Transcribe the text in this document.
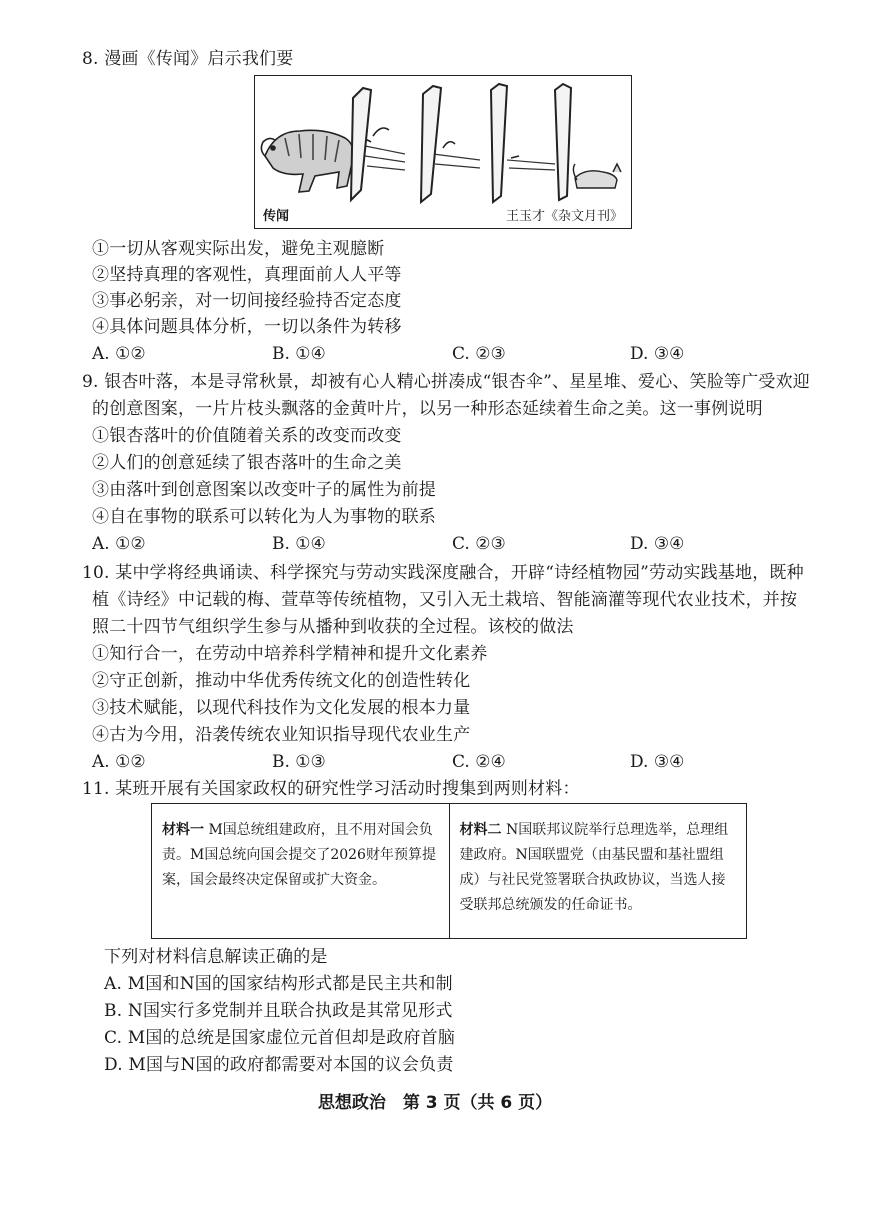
8. 漫画《传闻》启示我们要
传闻	王玉才《杂文月刊》
①一切从客观实际出发，避免主观臆断
②坚持真理的客观性，真理面前人人平等
③事必躬亲，对一切间接经验持否定态度
④具体问题具体分析，一切以条件为转移
A. ①②	B. ①④	C. ②③	D. ③④
9. 银杏叶落，本是寻常秋景，却被有心人精心拼凑成“银杏伞”、星星堆、爱心、笑脸等广受欢迎
的创意图案，一片片枝头飘落的金黄叶片，以另一种形态延续着生命之美。这一事例说明
①银杏落叶的价值随着关系的改变而改变
②人们的创意延续了银杏落叶的生命之美
③由落叶到创意图案以改变叶子的属性为前提
④自在事物的联系可以转化为人为事物的联系
A. ①②	B. ①④	C. ②③	D. ③④
10. 某中学将经典诵读、科学探究与劳动实践深度融合，开辟“诗经植物园”劳动实践基地，既种
植《诗经》中记载的梅、萱草等传统植物，又引入无土栽培、智能滴灌等现代农业技术，并按
照二十四节气组织学生参与从播种到收获的全过程。该校的做法
①知行合一，在劳动中培养科学精神和提升文化素养
②守正创新，推动中华优秀传统文化的创造性转化
③技术赋能，以现代科技作为文化发展的根本力量
④古为今用，沿袭传统农业知识指导现代农业生产
A. ①②	B. ①③	C. ②④	D. ③④
11. 某班开展有关国家政权的研究性学习活动时搜集到两则材料：
材料一 M国总统组建政府，且不用对国会负责。M国总统向国会提交了2026财年预算提案，国会最终决定保留或扩大资金。
材料二 N国联邦议院举行总理选举，总理组建政府。N国联盟党（由基民盟和基社盟组成）与社民党签署联合执政协议，当选人接受联邦总统颁发的任命证书。
下列对材料信息解读正确的是
A. M国和N国的国家结构形式都是民主共和制
B. N国实行多党制并且联合执政是其常见形式
C. M国的总统是国家虚位元首但却是政府首脑
D. M国与N国的政府都需要对本国的议会负责
思想政治　第 3 页（共 6 页）
